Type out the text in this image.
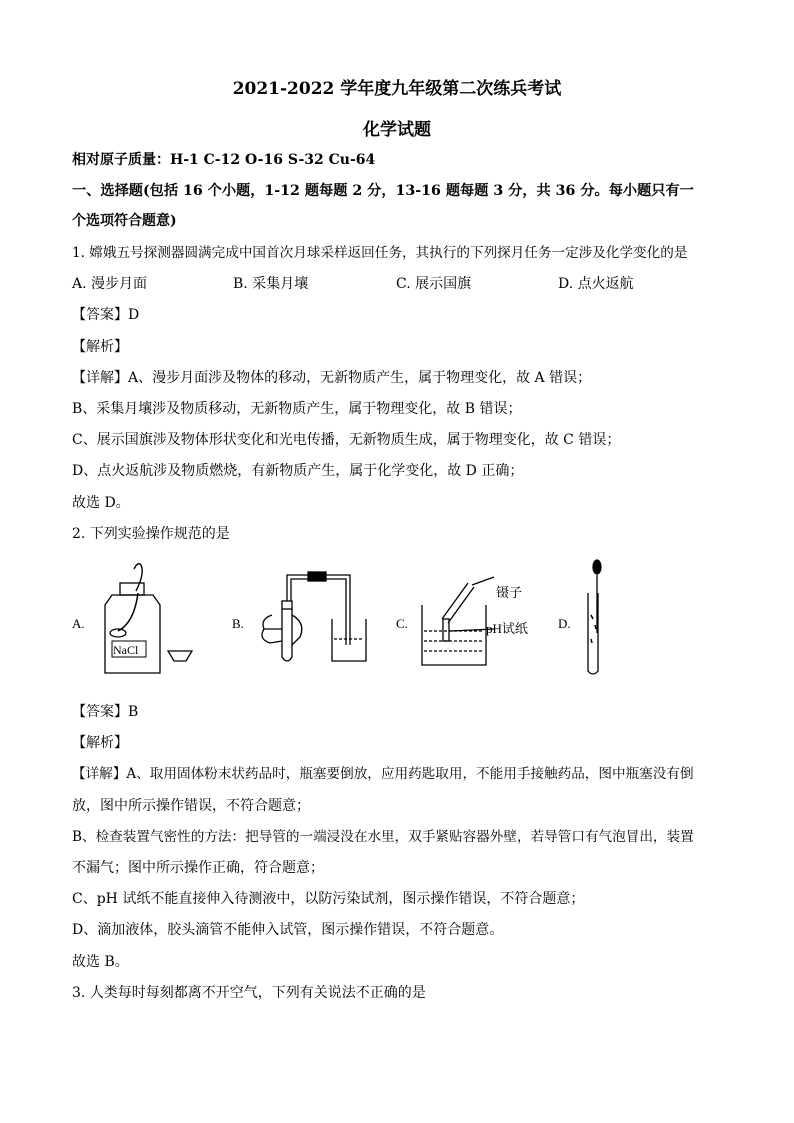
2021-2022 学年度九年级第二次练兵考试
化学试题
相对原子质量：H-1 C-12 O-16 S-32 Cu-64
一、选择题(包括 16 个小题，1-12 题每题 2 分，13-16 题每题 3 分，共 36 分。每小题只有一
个选项符合题意)
1. 嫦娥五号探测器圆满完成中国首次月球采样返回任务，其执行的下列探月任务一定涉及化学变化的是
A. 漫步月面	B. 采集月壤	C. 展示国旗	D. 点火返航
【答案】D
【解析】
【详解】A、漫步月面涉及物体的移动，无新物质产生，属于物理变化，故 A 错误；
B、采集月壤涉及物质移动，无新物质产生，属于物理变化，故 B 错误；
C、展示国旗涉及物体形状变化和光电传播，无新物质生成，属于物理变化，故 C 错误；
D、点火返航涉及物质燃烧，有新物质产生，属于化学变化，故 D 正确；
故选 D。
2. 下列实验操作规范的是
A.
NaCl
B.	C.
镊子
pH试纸 D.
【答案】B
【解析】
【详解】A、取用固体粉末状药品时，瓶塞要倒放，应用药匙取用，不能用手接触药品，图中瓶塞没有倒
放，图中所示操作错误，不符合题意；
B、检查装置气密性的方法：把导管的一端浸没在水里，双手紧贴容器外壁，若导管口有气泡冒出，装置
不漏气；图中所示操作正确，符合题意；
C、pH 试纸不能直接伸入待测液中，以防污染试剂，图示操作错误，不符合题意；
D、滴加液体，胶头滴管不能伸入试管，图示操作错误，不符合题意。
故选 B。
3. 人类每时每刻都离不开空气，下列有关说法不正确的是
